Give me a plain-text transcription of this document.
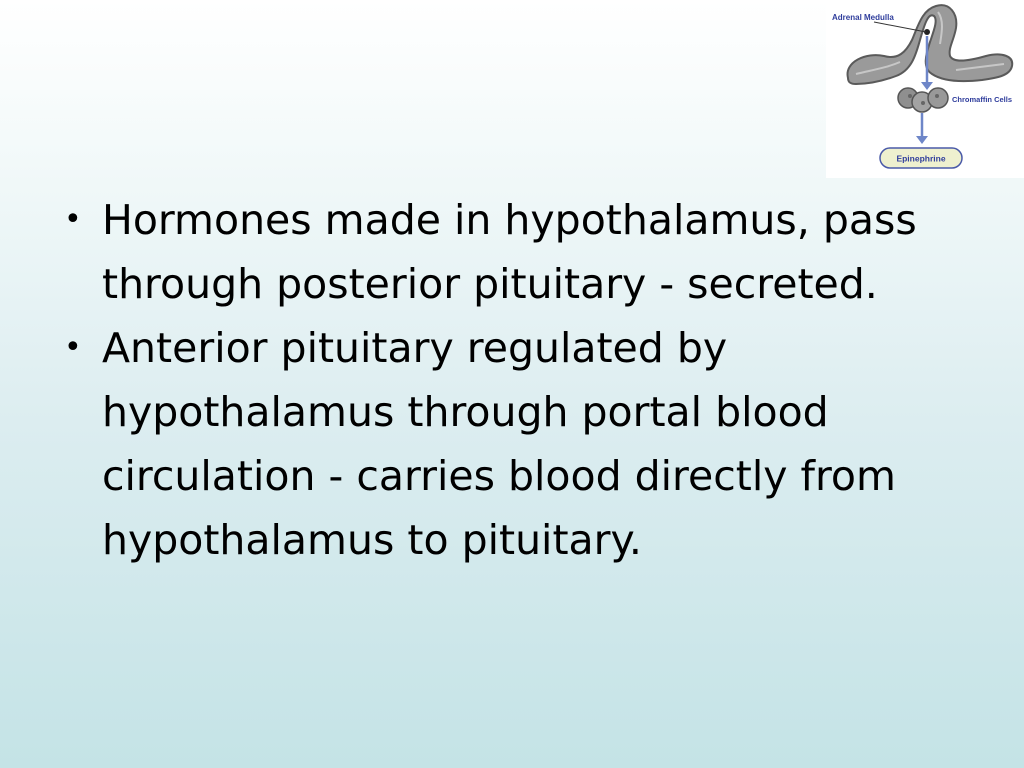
Adrenal Medulla
Chromaffin Cells
Epinephrine
• Hormones made in hypothalamus, pass through posterior pituitary - secreted.
• Anterior pituitary regulated by hypothalamus through portal blood circulation - carries blood directly from hypothalamus to pituitary.
